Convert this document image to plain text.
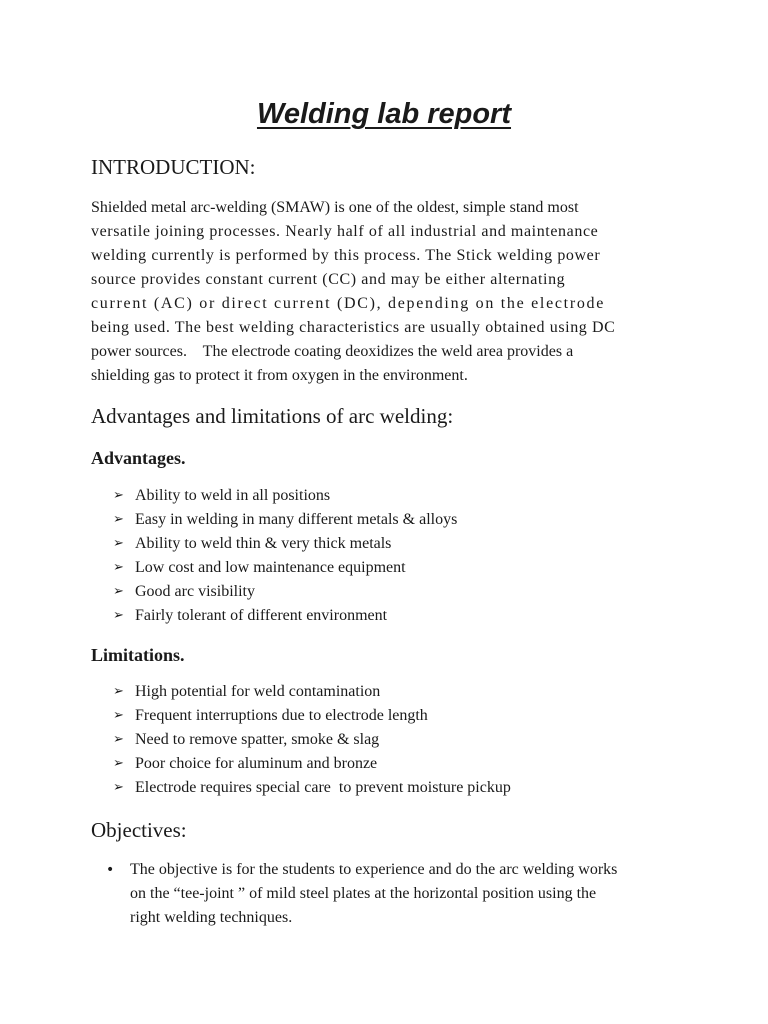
Welding lab report
INTRODUCTION:
Shielded metal arc-welding (SMAW) is one of the oldest, simple stand most
versatile joining processes. Nearly half of all industrial and maintenance
welding currently is performed by this process. The Stick welding power
source provides constant current (CC) and may be either alternating
current (AC) or direct current (DC), depending on the electrode
being used. The best welding characteristics are usually obtained using DC
power sources.    The electrode coating deoxidizes the weld area provides a
shielding gas to protect it from oxygen in the environment.
Advantages and limitations of arc welding:
Advantages.
➢ Ability to weld in all positions
➢ Easy in welding in many different metals & alloys
➢ Ability to weld thin & very thick metals
➢ Low cost and low maintenance equipment
➢ Good arc visibility
➢ Fairly tolerant of different environment
Limitations.
➢ High potential for weld contamination
➢ Frequent interruptions due to electrode length
➢ Need to remove spatter, smoke & slag
➢ Poor choice for aluminum and bronze
➢ Electrode requires special care  to prevent moisture pickup
Objectives:
• The objective is for the students to experience and do the arc welding works
on the “tee-joint ” of mild steel plates at the horizontal position using the
right welding techniques.
